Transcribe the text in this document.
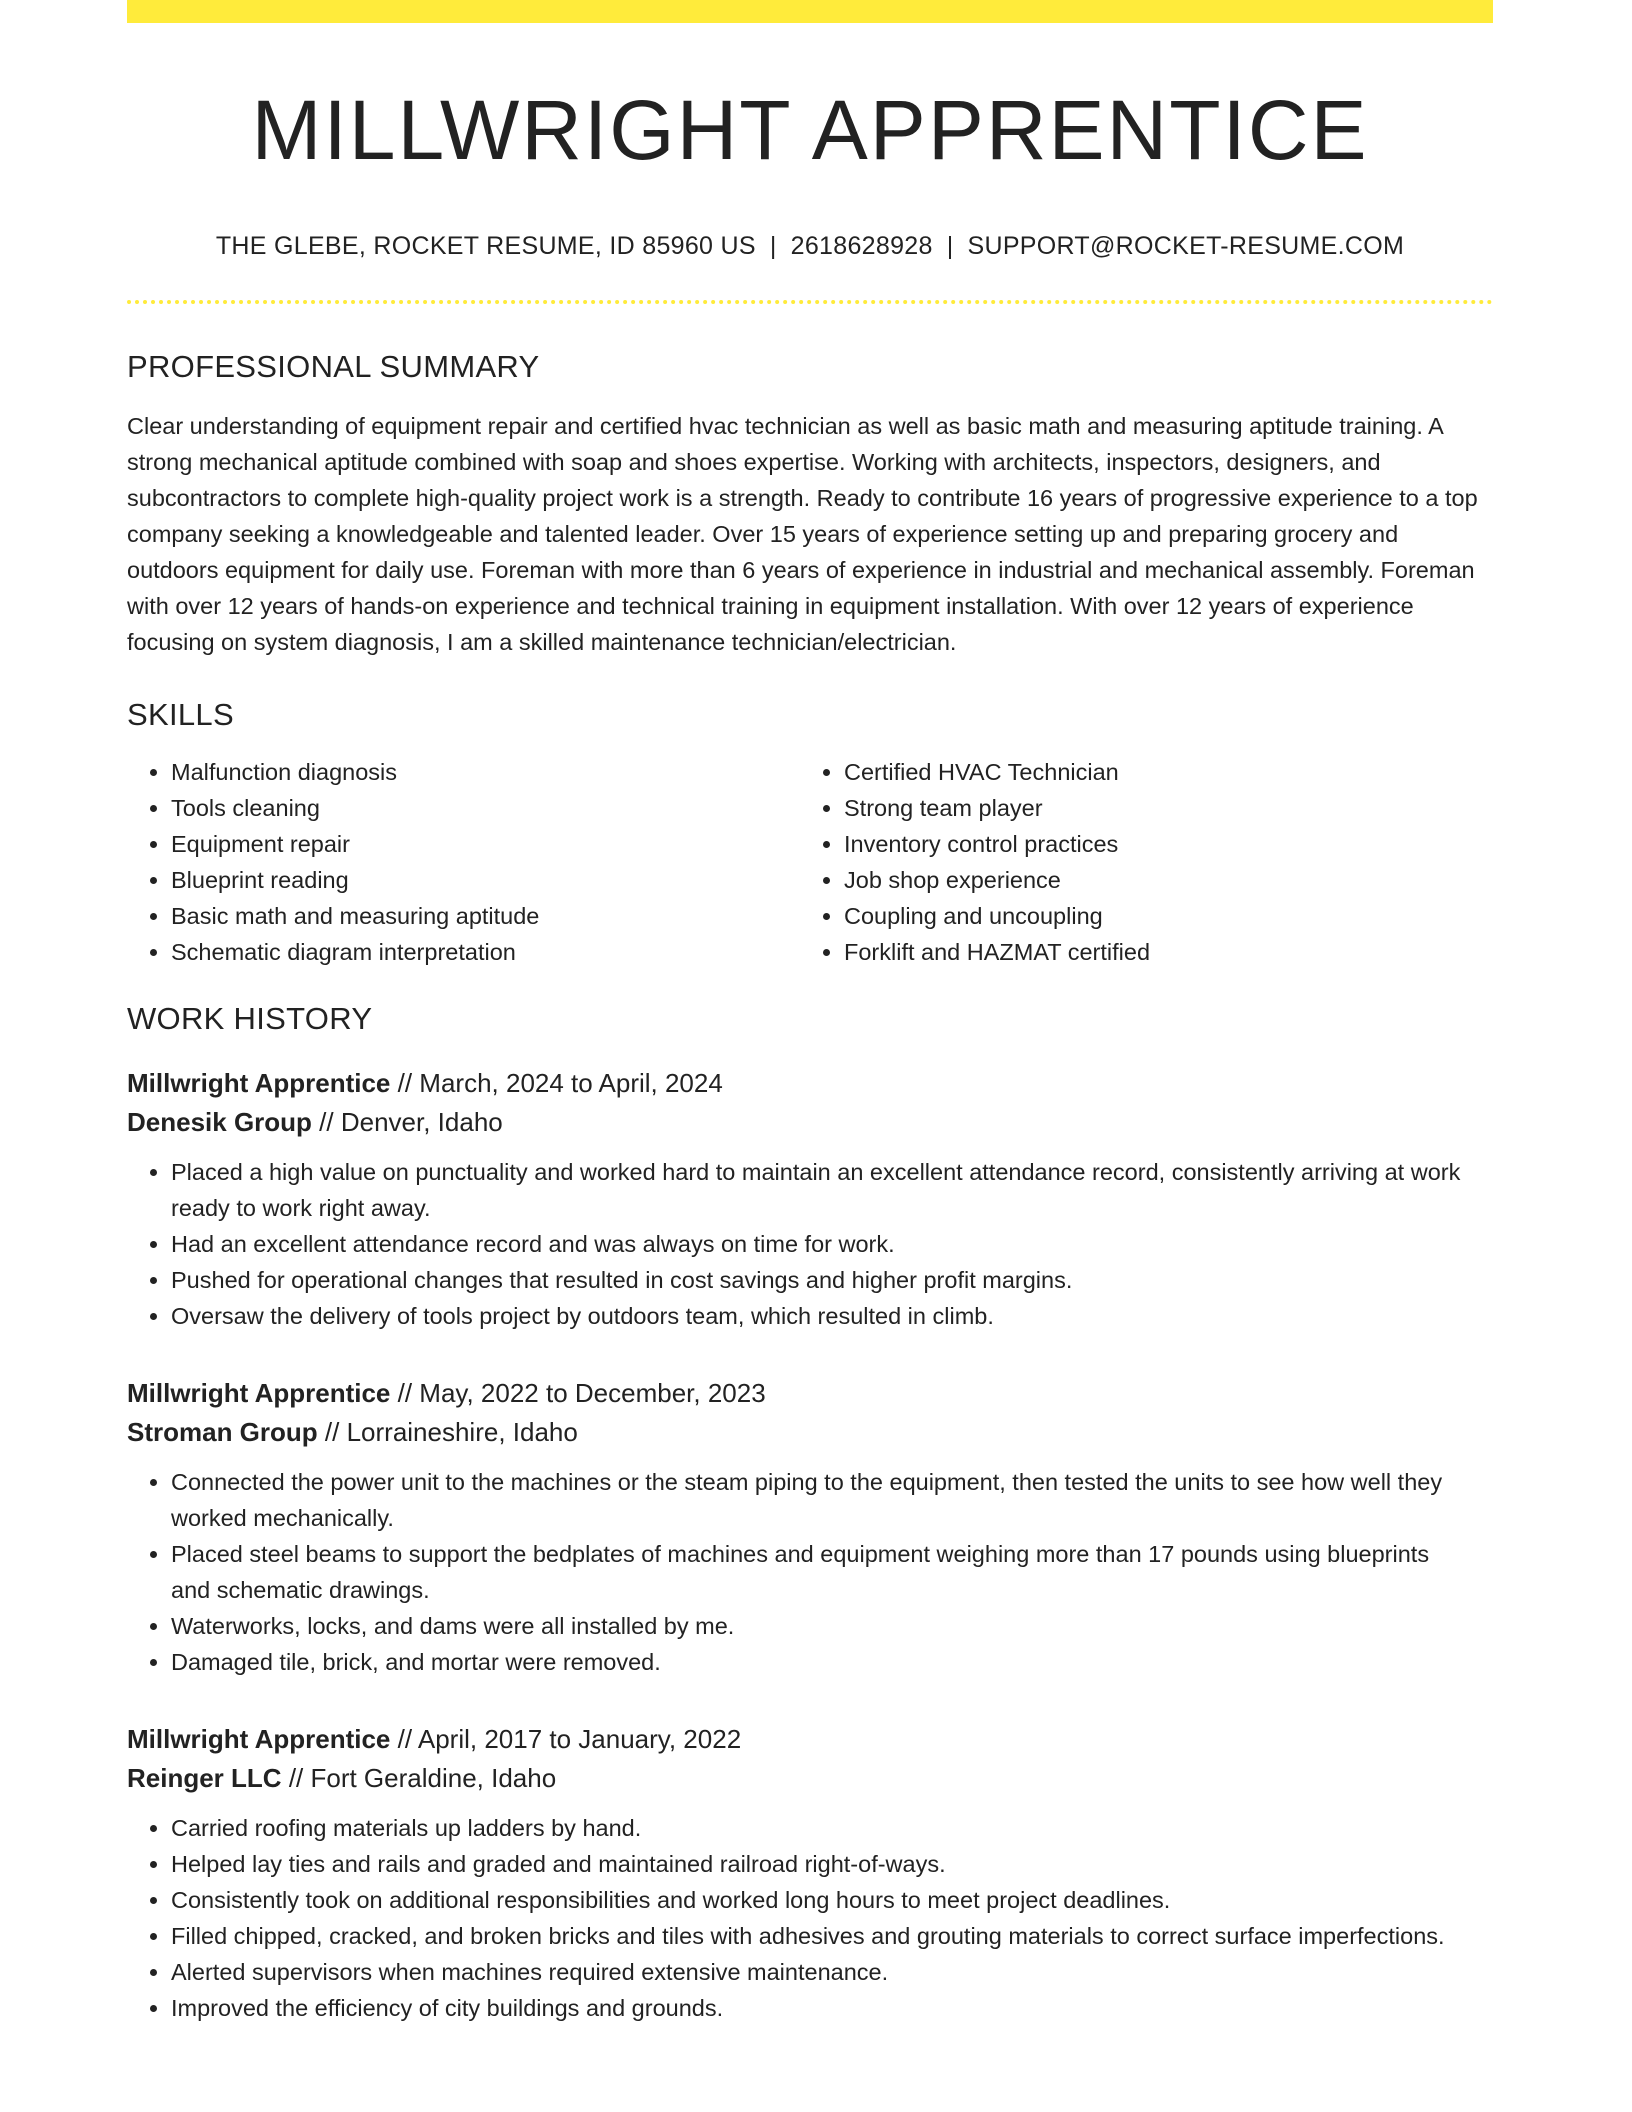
MILLWRIGHT APPRENTICE
THE GLEBE, ROCKET RESUME, ID 85960 US | 2618628928 | SUPPORT@ROCKET-RESUME.COM
PROFESSIONAL SUMMARY
Clear understanding of equipment repair and certified hvac technician as well as basic math and measuring aptitude training. A strong mechanical aptitude combined with soap and shoes expertise. Working with architects, inspectors, designers, and subcontractors to complete high-quality project work is a strength. Ready to contribute 16 years of progressive experience to a top company seeking a knowledgeable and talented leader. Over 15 years of experience setting up and preparing grocery and outdoors equipment for daily use. Foreman with more than 6 years of experience in industrial and mechanical assembly. Foreman with over 12 years of hands-on experience and technical training in equipment installation. With over 12 years of experience focusing on system diagnosis, I am a skilled maintenance technician/electrician.
SKILLS
• Malfunction diagnosis
• Tools cleaning
• Equipment repair
• Blueprint reading
• Basic math and measuring aptitude
• Schematic diagram interpretation
• Certified HVAC Technician
• Strong team player
• Inventory control practices
• Job shop experience
• Coupling and uncoupling
• Forklift and HAZMAT certified
WORK HISTORY
Millwright Apprentice // March, 2024 to April, 2024
Denesik Group // Denver, Idaho
• Placed a high value on punctuality and worked hard to maintain an excellent attendance record, consistently arriving at work ready to work right away.
• Had an excellent attendance record and was always on time for work.
• Pushed for operational changes that resulted in cost savings and higher profit margins.
• Oversaw the delivery of tools project by outdoors team, which resulted in climb.
Millwright Apprentice // May, 2022 to December, 2023
Stroman Group // Lorraineshire, Idaho
• Connected the power unit to the machines or the steam piping to the equipment, then tested the units to see how well they worked mechanically.
• Placed steel beams to support the bedplates of machines and equipment weighing more than 17 pounds using blueprints and schematic drawings.
• Waterworks, locks, and dams were all installed by me.
• Damaged tile, brick, and mortar were removed.
Millwright Apprentice // April, 2017 to January, 2022
Reinger LLC // Fort Geraldine, Idaho
• Carried roofing materials up ladders by hand.
• Helped lay ties and rails and graded and maintained railroad right-of-ways.
• Consistently took on additional responsibilities and worked long hours to meet project deadlines.
• Filled chipped, cracked, and broken bricks and tiles with adhesives and grouting materials to correct surface imperfections.
• Alerted supervisors when machines required extensive maintenance.
• Improved the efficiency of city buildings and grounds.
